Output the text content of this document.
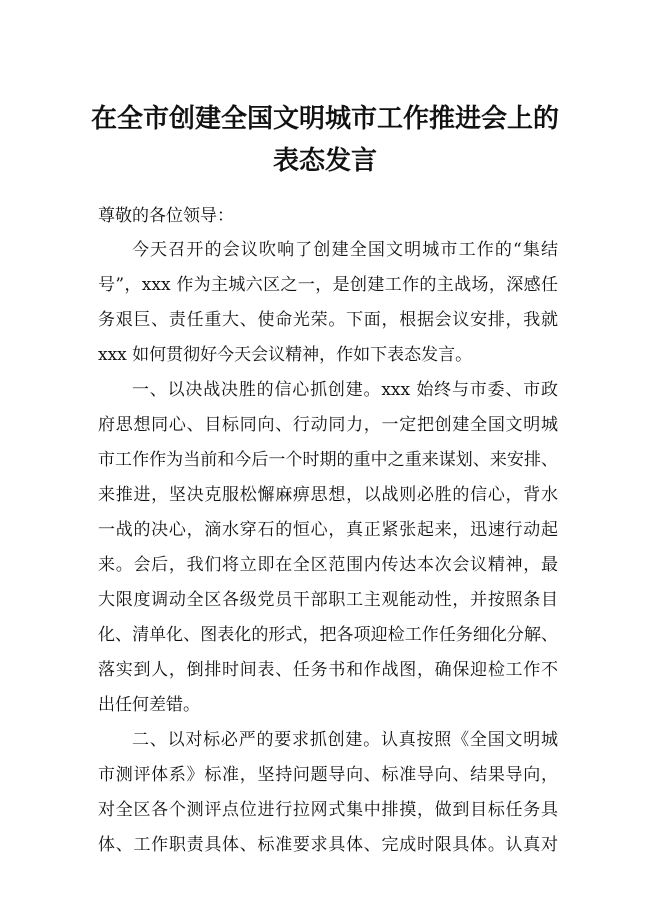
在全市创建全国文明城市工作推进会上的
表态发言
尊敬的各位领导：
今天召开的会议吹响了创建全国文明城市工作的“集结
号”，xxx 作为主城六区之一，是创建工作的主战场，深感任
务艰巨、责任重大、使命光荣。下面，根据会议安排，我就
xxx 如何贯彻好今天会议精神，作如下表态发言。
一、以决战决胜的信心抓创建。xxx 始终与市委、市政
府思想同心、目标同向、行动同力，一定把创建全国文明城
市工作作为当前和今后一个时期的重中之重来谋划、来安排、
来推进，坚决克服松懈麻痹思想，以战则必胜的信心，背水
一战的决心，滴水穿石的恒心，真正紧张起来，迅速行动起
来。会后，我们将立即在全区范围内传达本次会议精神，最
大限度调动全区各级党员干部职工主观能动性，并按照条目
化、清单化、图表化的形式，把各项迎检工作任务细化分解、
落实到人，倒排时间表、任务书和作战图，确保迎检工作不
出任何差错。
二、以对标必严的要求抓创建。认真按照《全国文明城
市测评体系》标准，坚持问题导向、标准导向、结果导向，
对全区各个测评点位进行拉网式集中排摸，做到目标任务具
体、工作职责具体、标准要求具体、完成时限具体。认真对
